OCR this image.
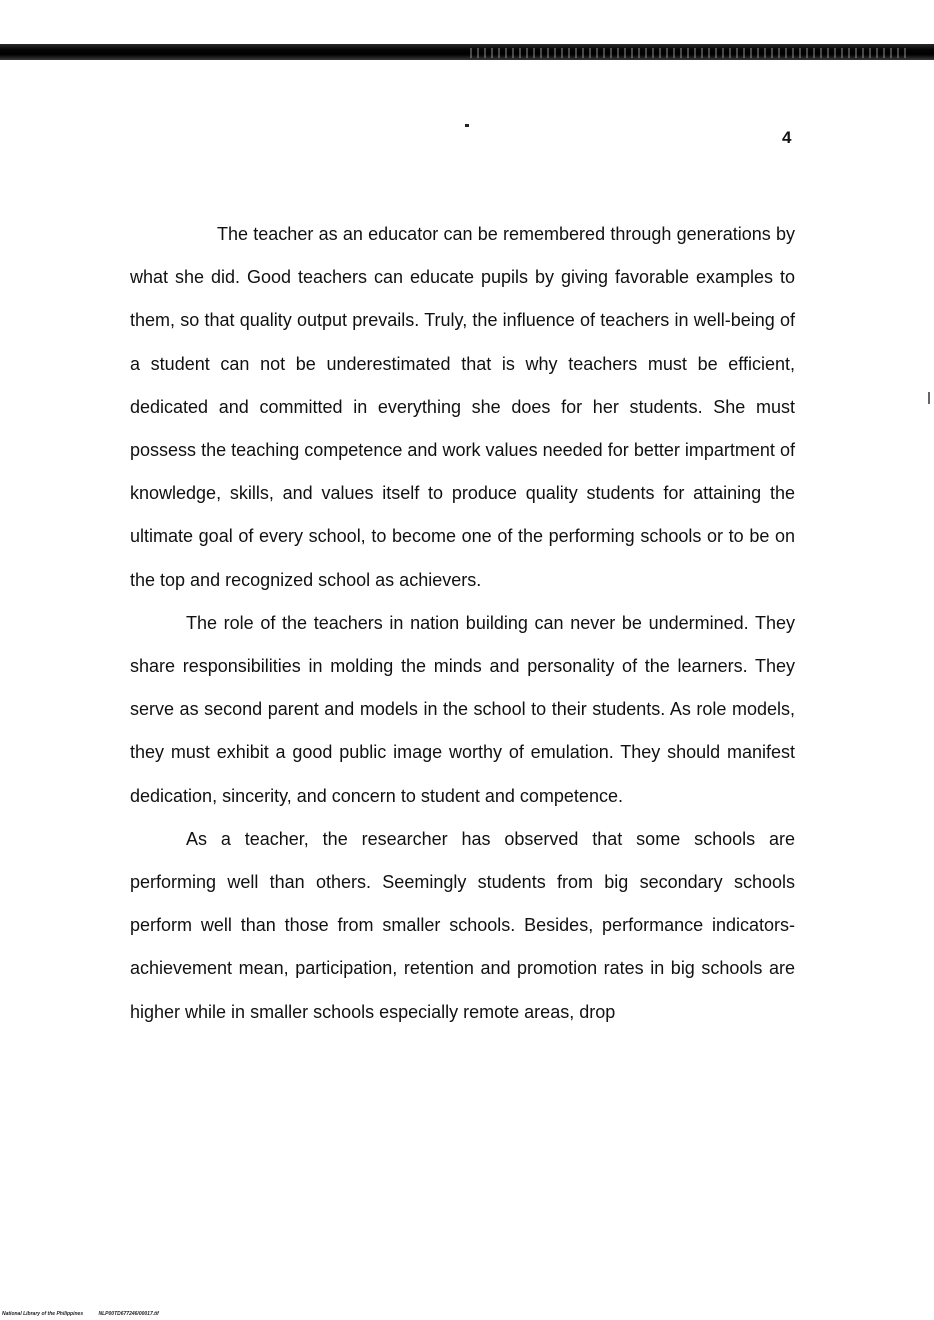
4

The teacher as an educator can be remembered through generations by what she did. Good teachers can educate pupils by giving favorable examples to them, so that quality output prevails. Truly, the influence of teachers in well-being of a student can not be underestimated that is why teachers must be efficient, dedicated and committed in everything she does for her students. She must possess the teaching competence and work values needed for better impartment of knowledge, skills, and values itself to produce quality students for attaining the ultimate goal of every school, to become one of the performing schools or to be on the top and recognized school as achievers.

The role of the teachers in nation building can never be undermined. They share responsibilities in molding the minds and personality of the learners. They serve as second parent and models in the school to their students. As role models, they must exhibit a good public image worthy of emulation. They should manifest dedication, sincerity, and concern to student and competence.

As a teacher, the researcher has observed that some schools are performing well than others. Seemingly students from big secondary schools perform well than those from smaller schools. Besides, performance indicators- achievement mean, participation, retention and promotion rates in big schools are higher while in smaller schools especially remote areas, drop

National Library of the Philippines	NLP00TD677246/00017.tif
